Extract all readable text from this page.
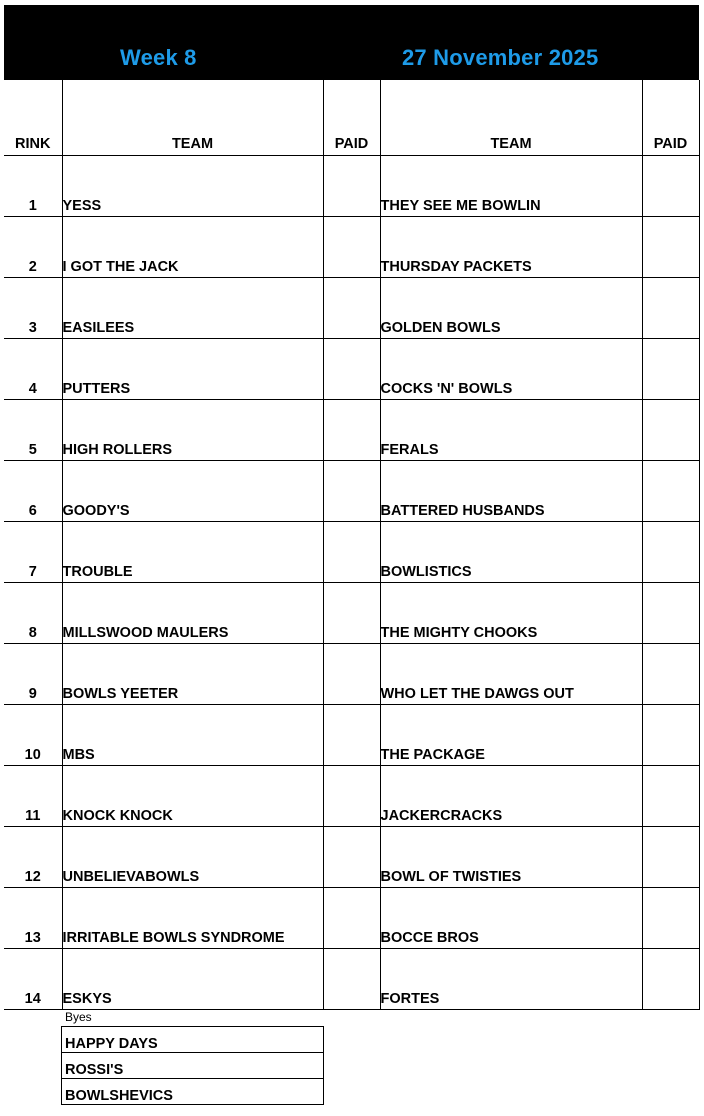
Week 8	27 November 2025
RINK	TEAM	PAID	TEAM	PAID
1	YESS		THEY SEE ME BOWLIN	
2	I GOT THE JACK		THURSDAY PACKETS	
3	EASILEES		GOLDEN BOWLS	
4	PUTTERS		COCKS 'N' BOWLS	
5	HIGH ROLLERS		FERALS	
6	GOODY'S		BATTERED HUSBANDS	
7	TROUBLE		BOWLISTICS	
8	MILLSWOOD MAULERS		THE MIGHTY CHOOKS	
9	BOWLS YEETER		WHO LET THE DAWGS OUT	
10	MBS		THE PACKAGE	
11	KNOCK KNOCK		JACKERCRACKS	
12	UNBELIEVABOWLS		BOWL OF TWISTIES	
13	IRRITABLE BOWLS SYNDROME		BOCCE BROS	
14	ESKYS		FORTES	
Byes
HAPPY DAYS
ROSSI'S
BOWLSHEVICS
